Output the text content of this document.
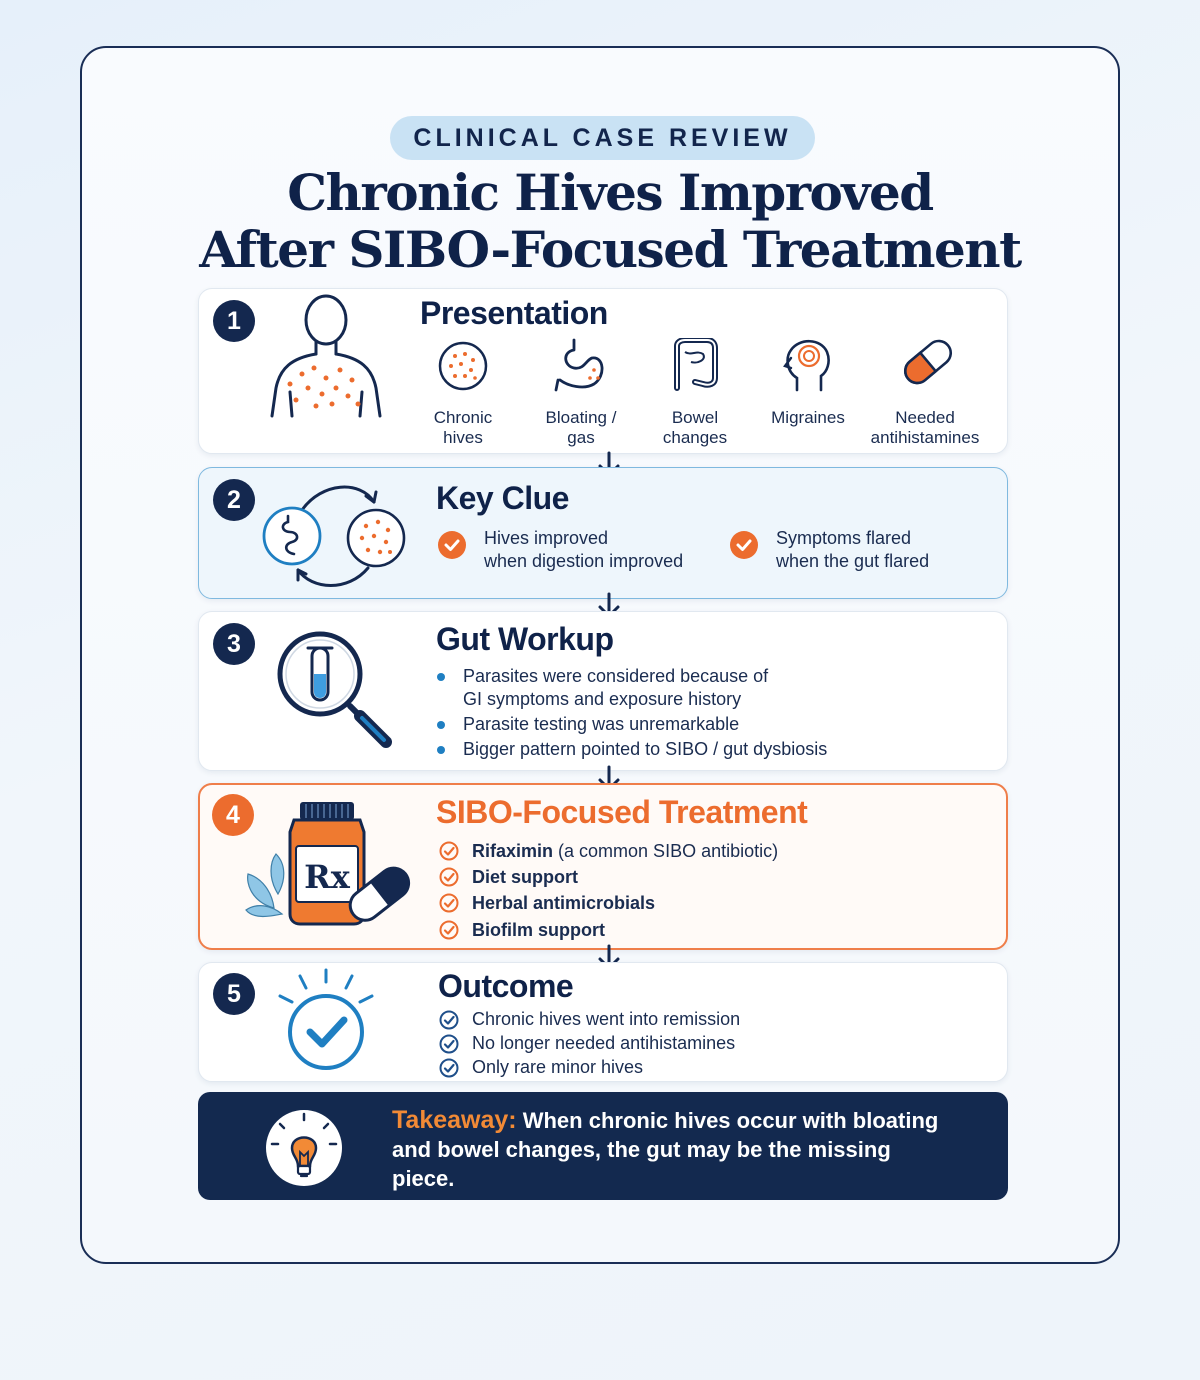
CLINICAL CASE REVIEW
Chronic Hives Improved
After SIBO-Focused Treatment
1	Presentation
Chronic
hives
Bloating /
gas
Bowel
changes
Migraines	Needed
antihistamines
2	Key Clue
Hives improved
when digestion improved
Symptoms flared
when the gut flared
3	Gut Workup
Parasites were considered because of
GI symptoms and exposure history
Parasite testing was unremarkable
Bigger pattern pointed to SIBO / gut dysbiosis
4
Rx
SIBO-Focused Treatment
Rifaximin (a common SIBO antibiotic)
Diet support
Herbal antimicrobials
Biofilm support
5	Outcome
Chronic hives went into remission
No longer needed antihistamines
Only rare minor hives
Takeaway: When chronic hives occur with bloating and bowel changes, the gut may be the missing piece.
